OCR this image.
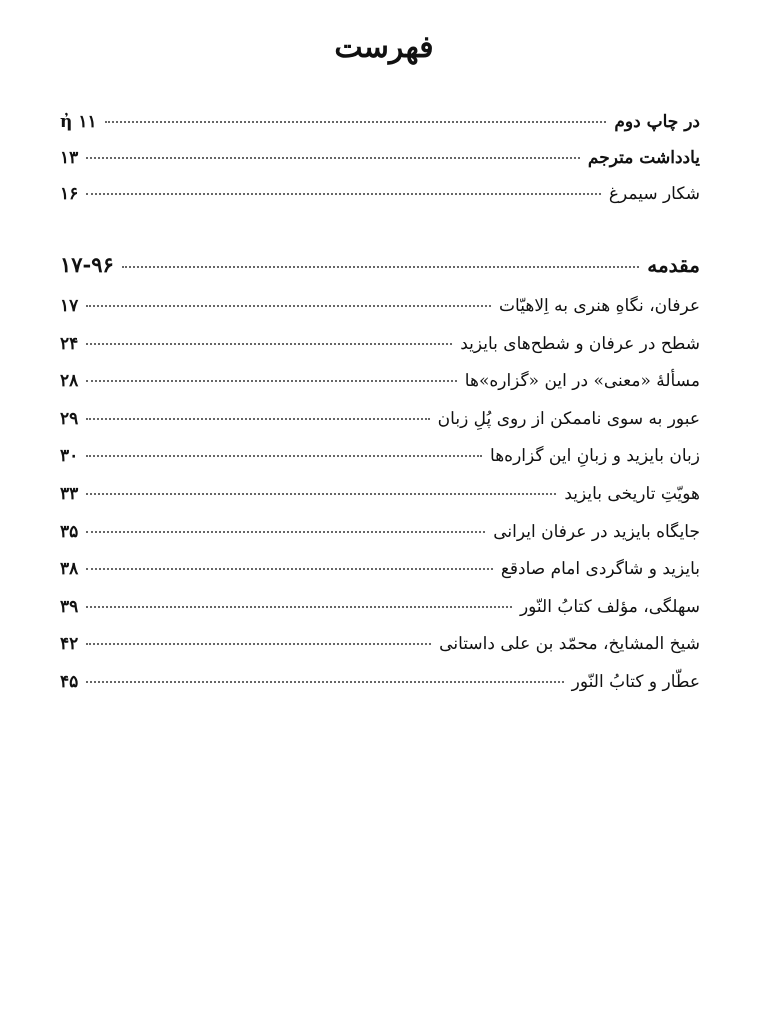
فهرست
در چاپ دوم
۱۱
ἠ
یادداشت مترجم
۱۳
شکار سیمرغ
۱۶
مقدمه
۱۷-۹۶
عرفان، نگاهِ هنری به اِلاهیّات
۱۷
شطح در عرفان و شطح‌های بایزید
۲۴
مسألۀ «معنی» در این «گزاره»ها
۲۸
عبور به سوی ناممکن از روی پُلِ زبان
۲۹
زبان بایزید و زبانِ این گزاره‌ها
۳۰
هویّتِ تاریخی بایزید
۳۳
جایگاه بایزید در عرفان ایرانی
۳۵
بایزید و شاگردی امام صادقع
۳۸
سهلگی، مؤلف کتابُ النّور
۳۹
شیخ المشایخ، محمّد بن علی داستانی
۴۲
عطّار و کتابُ النّور
۴۵
